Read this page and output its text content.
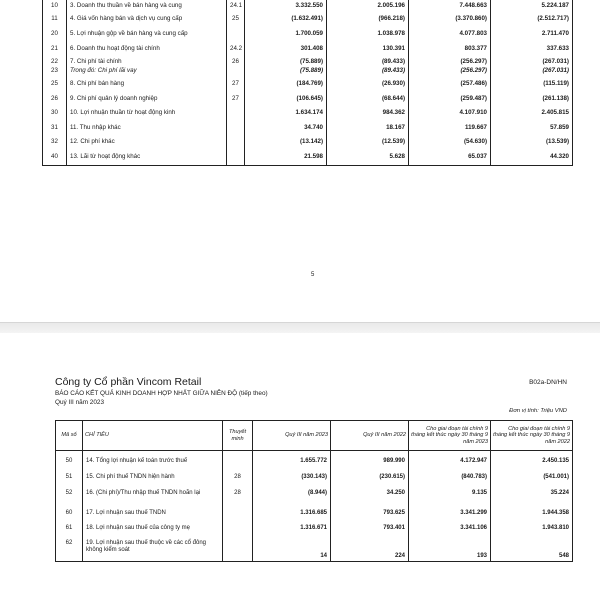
10	3. Doanh thu thuần về bán hàng và cung	24.1	3.332.550	2.005.196	7.448.663	5.224.187
11	4. Giá vốn hàng bán và dịch vụ cung cấp	25	(1.632.491)	(966.218)	(3.370.860)	(2.512.717)
20	5. Lợi nhuận gộp về bán hàng và cung cấp		1.700.059	1.038.978	4.077.803	2.711.470
21	6. Doanh thu hoạt động tài chính	24.2	301.408	130.391	803.377	337.633
22	7. Chi phí tài chính	26	(75.889)	(89.433)	(256.297)	(267.031)
23	Trong đó: Chi phí lãi vay		(75.889)	(89.433)	(256.297)	(267.031)
25	8. Chi phí bán hàng	27	(184.769)	(26.930)	(257.486)	(115.119)
26	9. Chi phí quản lý doanh nghiệp	27	(106.645)	(68.644)	(259.487)	(261.138)
30	10. Lợi nhuận thuần từ hoạt động kinh		1.634.174	984.362	4.107.910	2.405.815
31	11. Thu nhập khác		34.740	18.167	119.667	57.859
32	12. Chi phí khác		(13.142)	(12.539)	(54.630)	(13.539)
40	13. Lãi từ hoạt động khác		21.598	5.628	65.037	44.320
5
Công ty Cổ phần Vincom Retail	B02a-DN/HN
BÁO CÁO KẾT QUẢ KINH DOANH HỢP NHẤT GIỮA NIÊN ĐỘ (tiếp theo)
Quý III năm 2023
Đơn vị tính: Triệu VND
Mã số	CHỈ TIÊU	Thuyết minh	Quý III năm 2023	Quý III năm 2022	Cho giai đoạn tài chính 9 tháng kết thúc ngày 30 tháng 9 năm 2023	Cho giai đoạn tài chính 9 tháng kết thúc ngày 30 tháng 9 năm 2022

50	14. Tổng lợi nhuận kế toán trước thuế		1.655.772	989.990	4.172.947	2.450.135
51	15. Chi phí thuế TNDN hiện hành	28	(330.143)	(230.615)	(840.783)	(541.001)
52	16. (Chi phí)/Thu nhập thuế TNDN hoãn lại	28	(8.944)	34.250	9.135	35.224
60	17. Lợi nhuận sau thuế TNDN		1.316.685	793.625	3.341.299	1.944.358
61	18. Lợi nhuận sau thuế của công ty mẹ		1.316.671	793.401	3.341.106	1.943.810
62	19. Lợi nhuận sau thuế thuộc về các cổ đông không kiểm soát		14	224	193	548
